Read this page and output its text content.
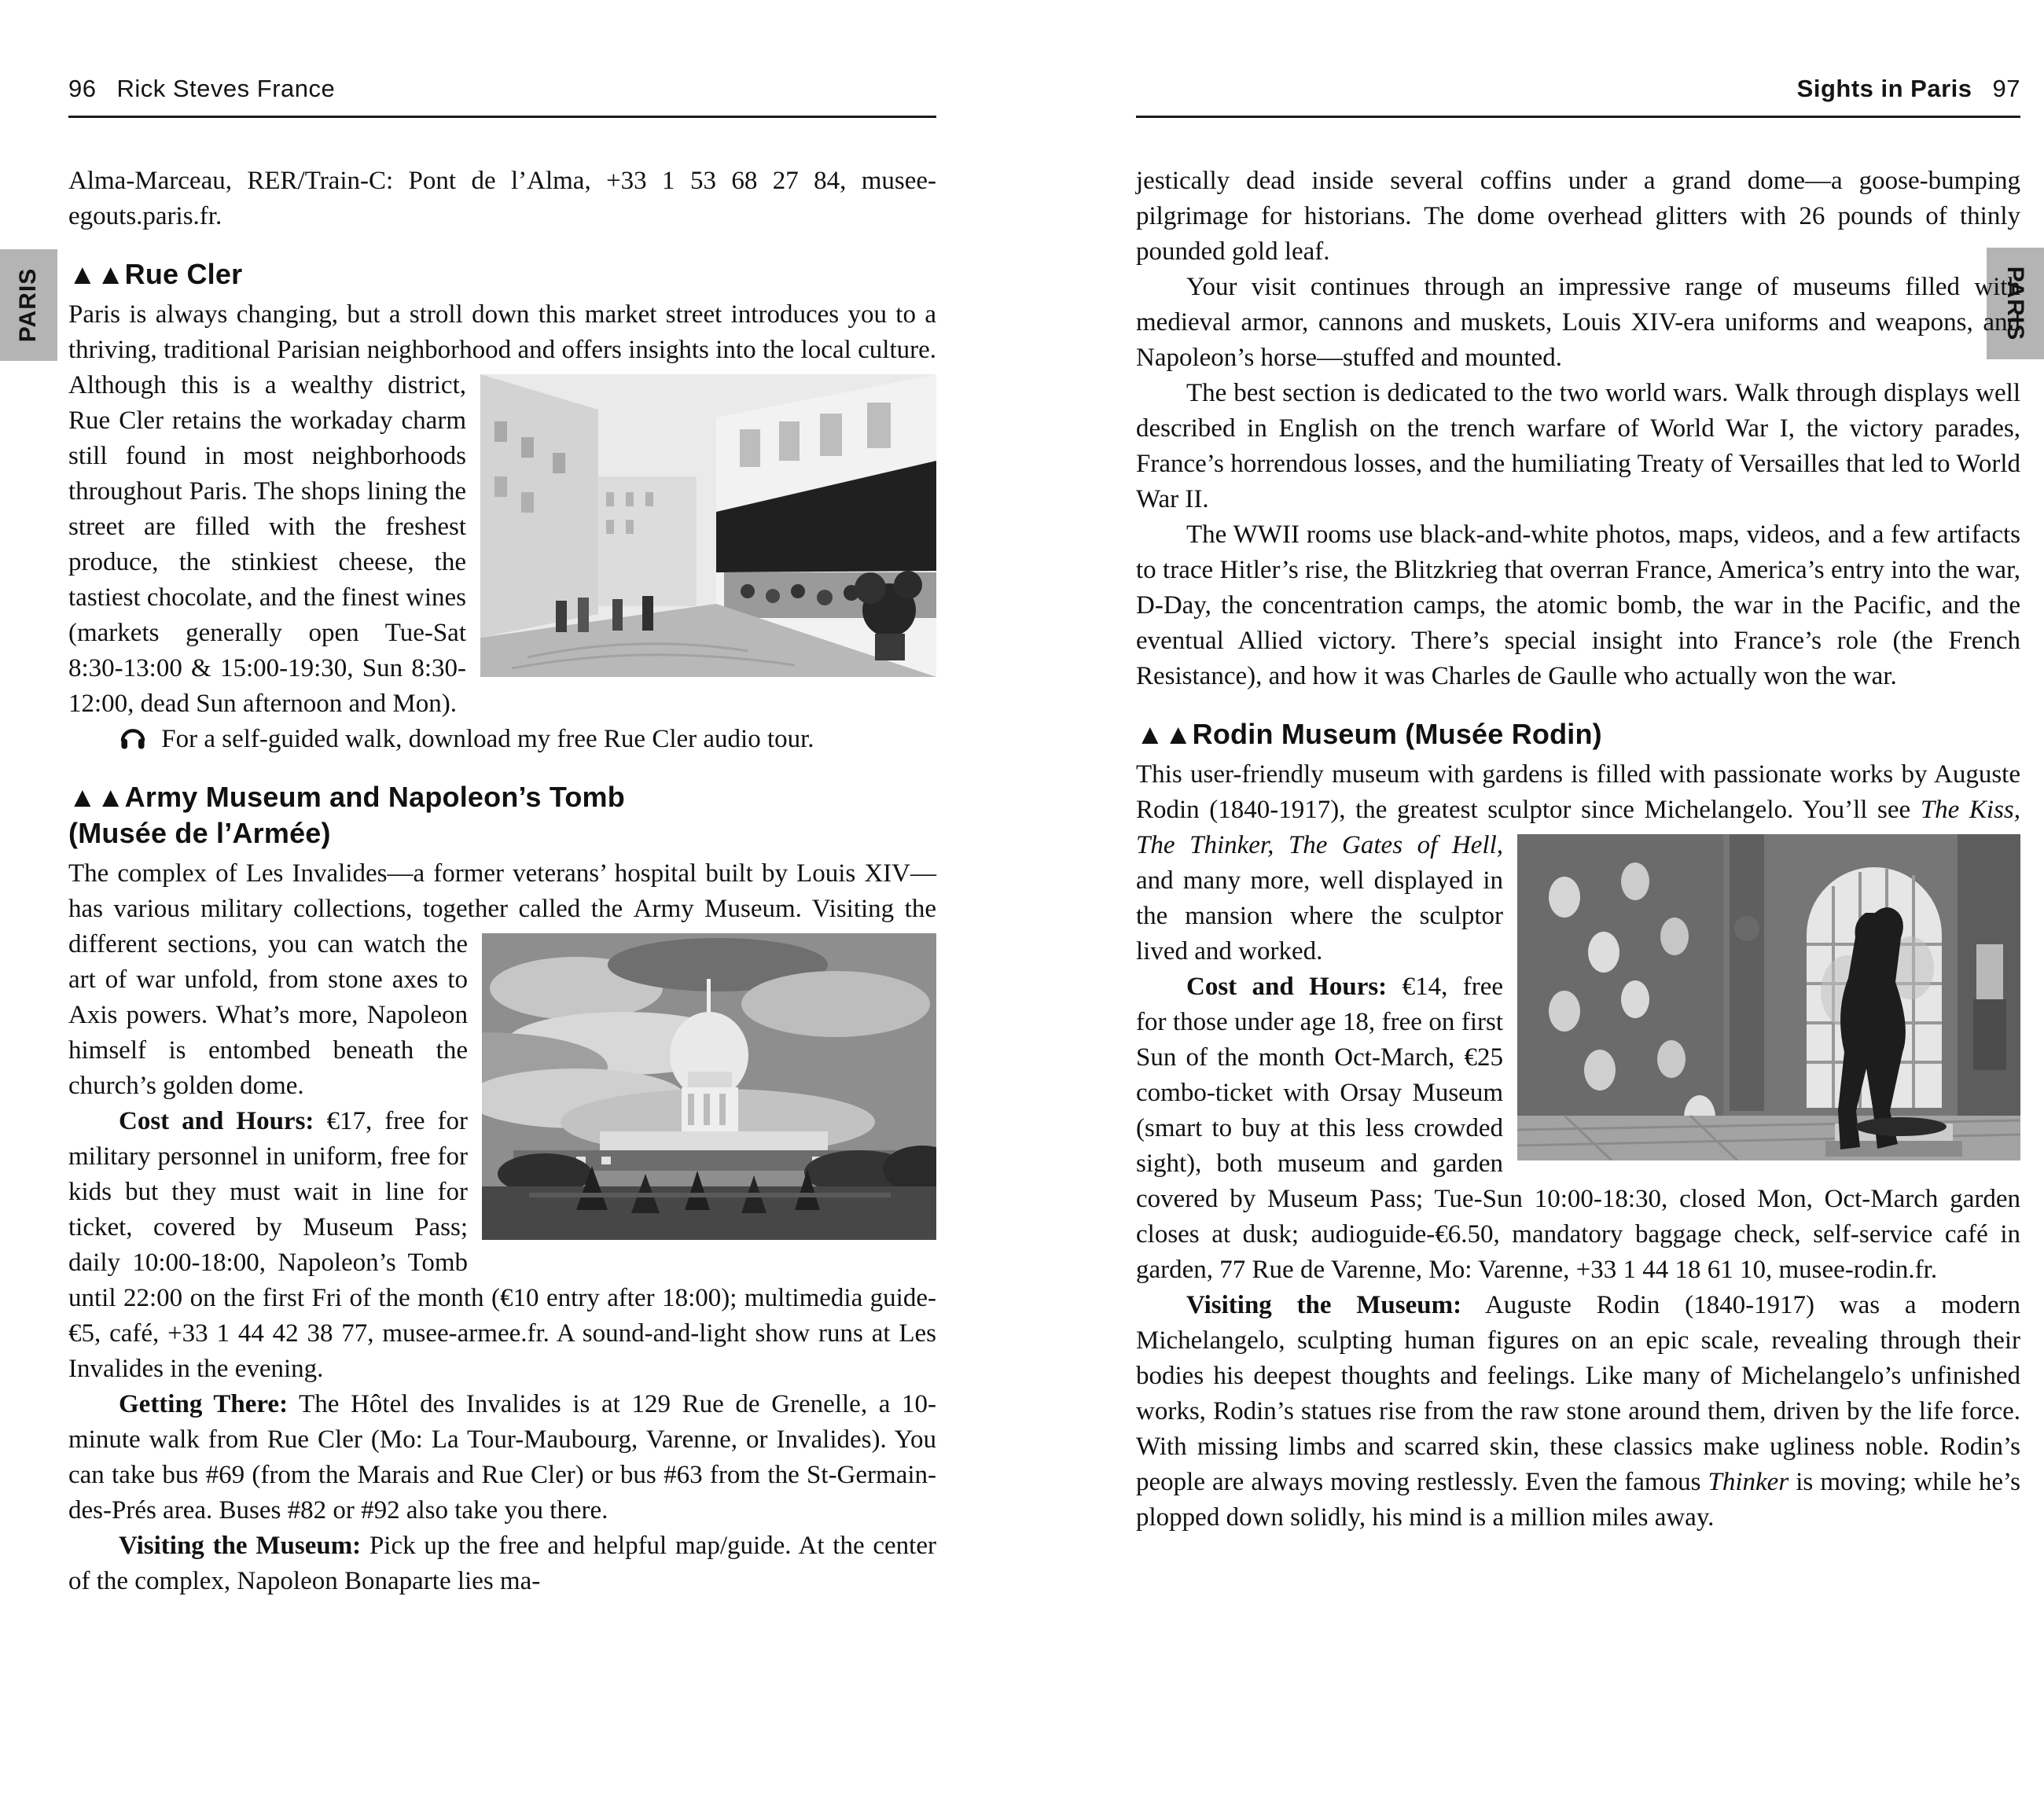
PARIS	PARIS
96 Rick Steves France

Alma-Marceau, RER/Train-C: Pont de l’Alma, +33 1 53 68 27 84, musee-egouts.paris.fr.

▲▲Rue Cler

Paris is always changing, but a stroll down this market street introduces you to a thriving, traditional Parisian neighborhood and offers insights into the local culture. Although this is a wealthy district, Rue Cler retains the workaday charm still found in most neighborhoods throughout Paris. The shops lining the street are filled with the freshest produce, the stinkiest cheese, the tastiest chocolate, and the finest wines (markets generally open Tue-Sat 8:30-13:00 & 15:00-19:30, Sun 8:30-12:00, dead Sun afternoon and Mon).

For a self-guided walk, download my free Rue Cler audio tour.

▲▲Army Museum and Napoleon’s Tomb
(Musée de l’Armée)

The complex of Les Invalides—a former veterans’ hospital built by Louis XIV—has various military collections, together called the Army Museum. Visiting the different sections, you can watch the art of war unfold, from stone axes to Axis powers. What’s more, Napoleon himself is entombed beneath the church’s golden dome.

Cost and Hours: €17, free for military personnel in uniform, free for kids but they must wait in line for ticket, covered by Museum Pass; daily 10:00-18:00, Napoleon’s Tomb until 22:00 on the first Fri of the month (€10 entry after 18:00); multimedia guide-€5, café, +33 1 44 42 38 77, musee-armee.fr. A sound-and-light show runs at Les Invalides in the evening.

Getting There: The Hôtel des Invalides is at 129 Rue de Grenelle, a 10-minute walk from Rue Cler (Mo: La Tour-Maubourg, Varenne, or Invalides). You can take bus #69 (from the Marais and Rue Cler) or bus #63 from the St-Germain-des-Prés area. Buses #82 or #92 also take you there.

Visiting the Museum: Pick up the free and helpful map/guide. At the center of the complex, Napoleon Bonaparte lies ma-

Sights in Paris 97

jestically dead inside several coffins under a grand dome—a goose-bumping pilgrimage for historians. The dome overhead glitters with 26 pounds of thinly pounded gold leaf.

Your visit continues through an impressive range of museums filled with medieval armor, cannons and muskets, Louis XIV-era uniforms and weapons, and Napoleon’s horse—stuffed and mounted.

The best section is dedicated to the two world wars. Walk through displays well described in English on the trench warfare of World War I, the victory parades, France’s horrendous losses, and the humiliating Treaty of Versailles that led to World War II.

The WWII rooms use black-and-white photos, maps, videos, and a few artifacts to trace Hitler’s rise, the Blitzkrieg that overran France, America’s entry into the war, D-Day, the concentration camps, the atomic bomb, the war in the Pacific, and the eventual Allied victory. There’s special insight into France’s role (the French Resistance), and how it was Charles de Gaulle who actually won the war.

▲▲Rodin Museum (Musée Rodin)

This user-friendly museum with gardens is filled with passionate works by Auguste Rodin (1840-1917), the greatest sculptor since Michelangelo. You’ll see The Kiss, The Thinker, The Gates of Hell, and many more, well displayed in the mansion where the sculptor lived and worked.

Cost and Hours: €14, free for those under age 18, free on first Sun of the month Oct-March, €25 combo-ticket with Orsay Museum (smart to buy at this less crowded sight), both museum and garden covered by Museum Pass; Tue-Sun 10:00-18:30, closed Mon, Oct-March garden closes at dusk; audioguide-€6.50, mandatory baggage check, self-service café in garden, 77 Rue de Varenne, Mo: Varenne, +33 1 44 18 61 10, musee-rodin.fr.

Visiting the Museum: Auguste Rodin (1840-1917) was a modern Michelangelo, sculpting human figures on an epic scale, revealing through their bodies his deepest thoughts and feelings. Like many of Michelangelo’s unfinished works, Rodin’s statues rise from the raw stone around them, driven by the life force. With missing limbs and scarred skin, these classics make ugliness noble. Rodin’s people are always moving restlessly. Even the famous Thinker is moving; while he’s plopped down solidly, his mind is a million miles away.
